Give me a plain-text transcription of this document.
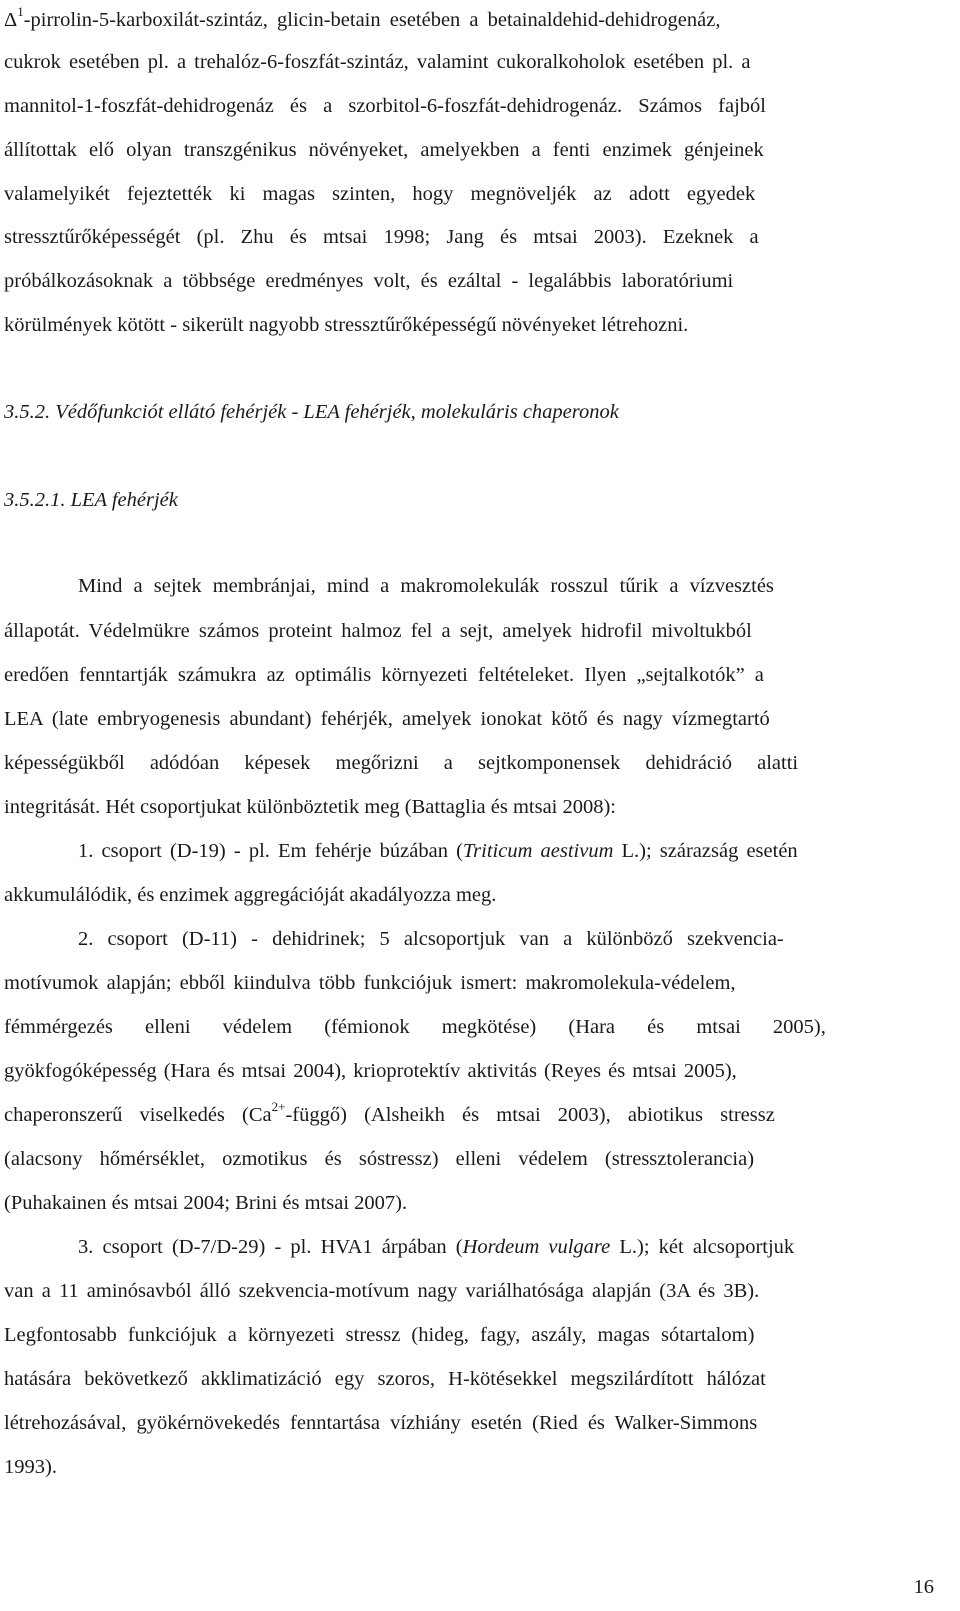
$\Delta^1-pirrolin-5-karboxilát$-szintáz, glicin-betain esetében a betainaldehid-dehidrogenáz,
cukrok esetében pl. a trehalóz-6-foszfát-szintáz, valamint cukoralkoholok esetében pl. a
mannitol-1-foszfát-dehidrogenáz és a szorbitol-6-foszfát-dehidrogenáz. Számos fajból
állítottak elő olyan transzgénikus növényeket, amelyekben a fenti enzimek génjeinek
valamelyikét fejeztették ki magas szinten, hogy megnöveljék az adott egyedek
stressztűrőképességét (pl. Zhu és mtsai 1998; Jang és mtsai 2003). Ezeknek a
próbálkozásoknak a többsége eredményes volt, és ezáltal - legalábbis laboratóriumi
körülmények kötött - sikerült nagyobb stressztűrőképességű növényeket létrehozni.
3.5.2. Védőfunkciót ellátó fehérjék - LEA fehérjék, molekuláris chaperonok
3.5.2.1. LEA fehérjék
Mind a sejtek membránjai, mind a makromolekulák rosszul tűrik a vízvesztés
állapotát. Védelmükre számos proteint halmoz fel a sejt, amelyek hidrofil mivoltukból
eredően fenntartják számukra az optimális környezeti feltételeket. Ilyen „sejtalkotók” a
LEA (late embryogenesis abundant) fehérjék, amelyek ionokat kötő és nagy vízmegtartó
képességükből adódóan képesek megőrizni a sejtkomponensek dehidráció alatti
integritását. Hét csoportjukat különböztetik meg (Battaglia és mtsai 2008):
1. csoport (D-19) - pl. Em fehérje búzában (Triticum aestivum L.); szárazság esetén
akkumulálódik, és enzimek aggregációját akadályozza meg.
2. csoport (D-11) - dehidrinek; 5 alcsoportjuk van a különböző szekvencia-
motívumok alapján; ebből kiindulva több funkciójuk ismert: makromolekula-védelem,
fémmérgezés elleni védelem (fémionok megkötése) (Hara és mtsai 2005),
gyökfogóképesség (Hara és mtsai 2004), krioprotektív aktivitás (Reyes és mtsai 2005),
chaperonszerű viselkedés $(Ca^{2+}-függő)$ (Alsheikh és mtsai 2003), abiotikus stressz
(alacsony hőmérséklet, ozmotikus és sóstressz) elleni védelem (stressztolerancia)
(Puhakainen és mtsai 2004; Brini és mtsai 2007).
3. csoport (D-7/D-29) - pl. HVA1 árpában (Hordeum vulgare L.); két alcsoportjuk
van a 11 aminósavból álló szekvencia-motívum nagy variálhatósága alapján (3A és 3B).
Legfontosabb funkciójuk a környezeti stressz (hideg, fagy, aszály, magas sótartalom)
hatására bekövetkező akklimatizáció egy szoros, H-kötésekkel megszilárdított hálózat
létrehozásával, gyökérnövekedés fenntartása vízhiány esetén (Ried és Walker-Simmons
1993).
16
